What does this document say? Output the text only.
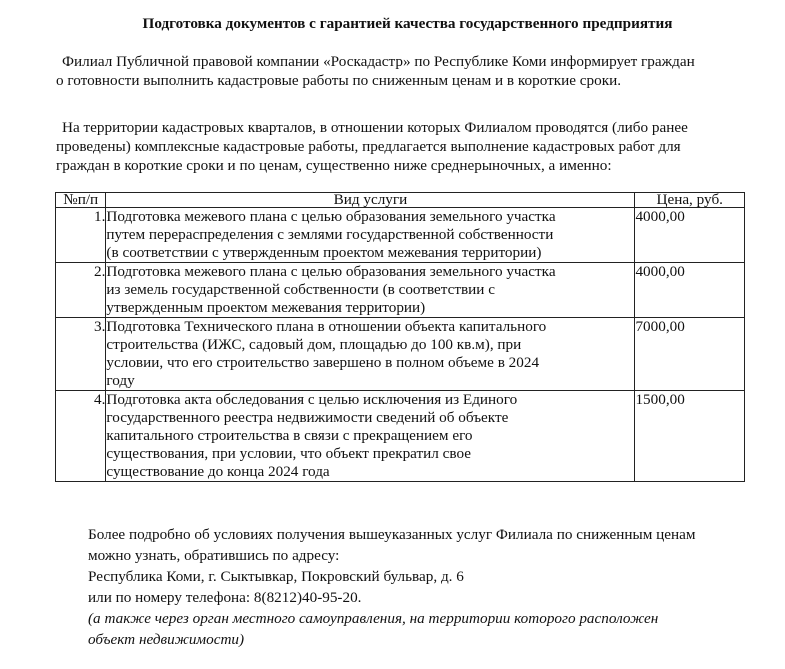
Подготовка документов с гарантией качества государственного предприятия
Филиал Публичной правовой компании «Роскадастр» по Республике Коми информирует граждан
о готовности выполнить кадастровые работы по сниженным ценам и в короткие сроки.
На территории кадастровых кварталов, в отношении которых Филиалом проводятся (либо ранее
проведены) комплексные кадастровые работы, предлагается выполнение кадастровых работ для
граждан в короткие сроки и по ценам, существенно ниже среднерыночных, а именно:
№п/п	Вид услуги	Цена, руб.
1.	Подготовка межевого плана с целью образования земельного участка
путем перераспределения с землями государственной собственности
(в соответствии с утвержденным проектом межевания территории)	4000,00
2.	Подготовка межевого плана с целью образования земельного участка
из земель государственной собственности (в соответствии с
утвержденным проектом межевания территории)	4000,00
3.	Подготовка Технического плана в отношении объекта капитального
строительства (ИЖС, садовый дом, площадью до 100 кв.м), при
условии, что его строительство завершено в полном объеме в 2024
году	7000,00
4.	Подготовка акта обследования с целью исключения из Единого
государственного реестра недвижимости сведений об объекте
капитального строительства в связи с прекращением его
существования, при условии, что объект прекратил свое
существование до конца 2024 года	1500,00
Более подробно об условиях получения вышеуказанных услуг Филиала по сниженным ценам
можно узнать, обратившись по адресу:
Республика Коми, г. Сыктывкар, Покровский бульвар, д. 6
или по номеру телефона: 8(8212)40-95-20.
(а также через орган местного самоуправления, на территории которого расположен
объект недвижимости)
